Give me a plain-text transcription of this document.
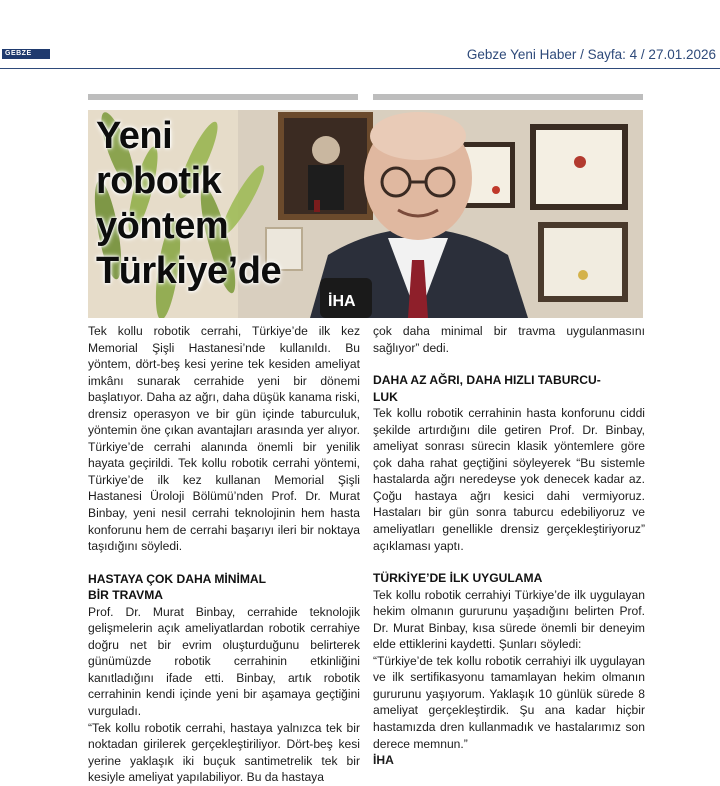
GEBZE	Gebze Yeni Haber / Sayfa: 4 / 27.01.2026
İHA
Yeni
robotik
yöntem
Türkiye’de

Tek kollu robotik cerrahi, Türkiye’de ilk kez Memorial Şişli Hastanesi’nde kullanıldı. Bu yöntem, dört-beş kesi yerine tek kesiden ameliyat imkânı sunarak cerrahide yeni bir dönemi başlatıyor. Daha az ağrı, daha düşük kanama riski, drensiz operasyon ve bir gün içinde taburculuk, yöntemin öne çıkan avantajları arasında yer alıyor. Türkiye’de cerrahi alanında önemli bir yenilik hayata geçirildi. Tek kollu robotik cerrahi yöntemi, Türkiye’de ilk kez kullanan Memorial Şişli Hastanesi Üroloji Bölümü’nden Prof. Dr. Murat Binbay, yeni nesil cerrahi teknolojinin hem hasta konforunu hem de cerrahi başarıyı ileri bir noktaya taşıdığını söyledi.

HASTAYA ÇOK DAHA MİNİMAL
BİR TRAVMA

Prof. Dr. Murat Binbay, cerrahide teknolojik gelişmelerin açık ameliyatlardan robotik cerrahiye doğru net bir evrim oluşturduğunu belirterek günümüzde robotik cerrahinin etkinliğini kanıtladığını ifade etti. Binbay, artık robotik cerrahinin kendi içinde yeni bir aşamaya geçtiğini vurguladı.

“Tek kollu robotik cerrahi, hastaya yalnızca tek bir noktadan girilerek gerçekleştiriliyor. Dört-beş kesi yerine yaklaşık iki buçuk santimetrelik tek bir kesiyle ameliyat yapılabiliyor. Bu da hastaya

çok daha minimal bir travma uygulanmasını sağlıyor” dedi.

DAHA AZ AĞRI, DAHA HIZLI TABURCU-
LUK

Tek kollu robotik cerrahinin hasta konforunu ciddi şekilde artırdığını dile getiren Prof. Dr. Binbay, ameliyat sonrası sürecin klasik yöntemlere göre çok daha rahat geçtiğini söyleyerek “Bu sistemle hastalarda ağrı neredeyse yok denecek kadar az. Çoğu hastaya ağrı kesici dahi vermiyoruz. Hastaları bir gün sonra taburcu edebiliyoruz ve ameliyatları genellikle drensiz gerçekleştiriyoruz” açıklaması yaptı.

TÜRKİYE’DE İLK UYGULAMA

Tek kollu robotik cerrahiyi Türkiye’de ilk uygulayan hekim olmanın gururunu yaşadığını belirten Prof. Dr. Murat Binbay, kısa sürede önemli bir deneyim elde ettiklerini kaydetti. Şunları söyledi:

“Türkiye’de tek kollu robotik cerrahiyi ilk uygulayan ve ilk sertifikasyonu tamamlayan hekim olmanın gururunu yaşıyorum. Yaklaşık 10 günlük sürede 8 ameliyat gerçekleştirdik. Şu ana kadar hiçbir hastamızda dren kullanmadık ve hastalarımız son derece memnun.”

İHA
